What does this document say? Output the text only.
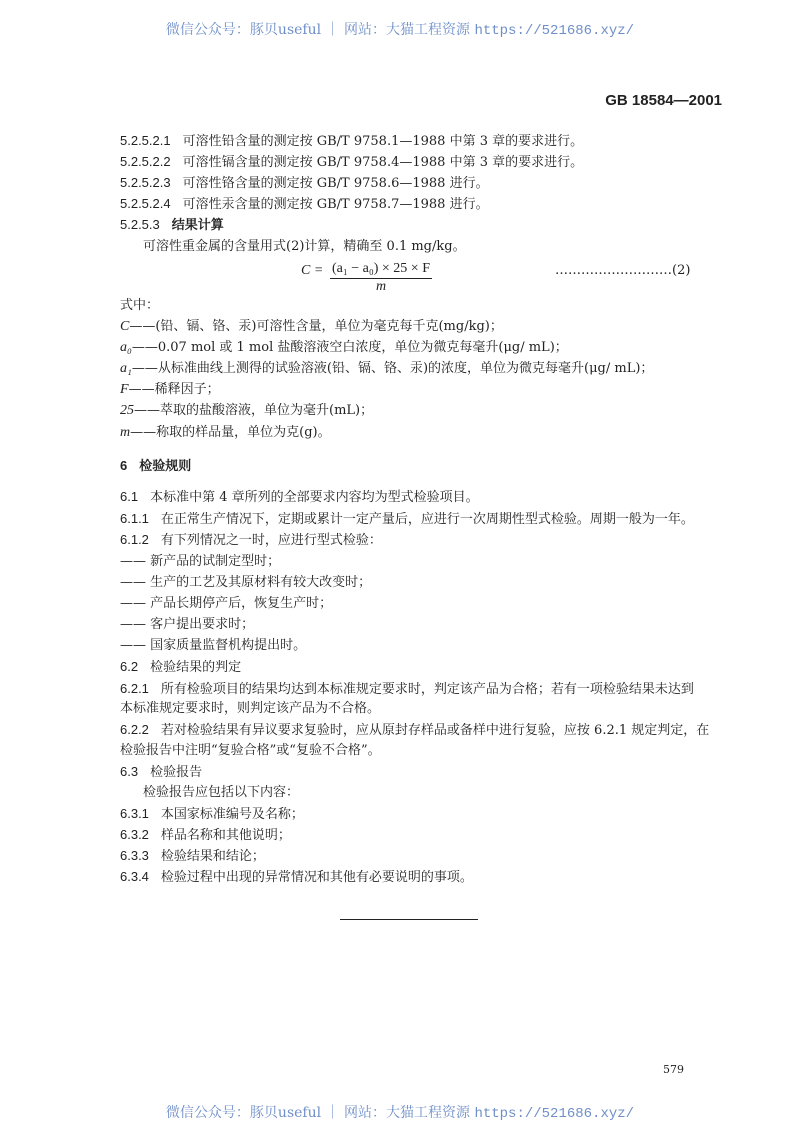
微信公众号：豚贝useful ｜ 网站：大猫工程资源 https://521686.xyz/
GB 18584—2001
5.2.5.2.1 可溶性铅含量的测定按 GB/T 9758.1—1988 中第 3 章的要求进行。
5.2.5.2.2 可溶性镉含量的测定按 GB/T 9758.4—1988 中第 3 章的要求进行。
5.2.5.2.3 可溶性铬含量的测定按 GB/T 9758.6—1988 进行。
5.2.5.2.4 可溶性汞含量的测定按 GB/T 9758.7—1988 进行。
5.2.5.3 结果计算
可溶性重金属的含量用式(2)计算，精确至 0.1 mg/kg。
式中：
C——(铅、镉、铬、汞)可溶性含量，单位为毫克每千克(mg/kg)；
a₀——0.07 mol 或 1 mol 盐酸溶液空白浓度，单位为微克每毫升(μg/ mL)；
a₁——从标准曲线上测得的试验溶液(铅、镉、铬、汞)的浓度，单位为微克每毫升(μg/ mL)；
F——稀释因子；
25——萃取的盐酸溶液，单位为毫升(mL)；
m——称取的样品量，单位为克(g)。
6 检验规则
6.1 本标准中第 4 章所列的全部要求内容均为型式检验项目。
6.1.1 在正常生产情况下，定期或累计一定产量后，应进行一次周期性型式检验。周期一般为一年。
6.1.2 有下列情况之一时，应进行型式检验：
—— 新产品的试制定型时；
—— 生产的工艺及其原材料有较大改变时；
—— 产品长期停产后，恢复生产时；
—— 客户提出要求时；
—— 国家质量监督机构提出时。
6.2 检验结果的判定
6.2.1 所有检验项目的结果均达到本标准规定要求时，判定该产品为合格；若有一项检验结果未达到
本标准规定要求时，则判定该产品为不合格。
6.2.2 若对检验结果有异议要求复验时，应从原封存样品或备样中进行复验，应按 6.2.1 规定判定，在
检验报告中注明“复验合格”或“复验不合格”。
6.3 检验报告
检验报告应包括以下内容：
6.3.1 本国家标准编号及名称；
6.3.2 样品名称和其他说明；
6.3.3 检验结果和结论；
6.3.4 检验过程中出现的异常情况和其他有必要说明的事项。
$C = \frac{\text{(a₁ − a₀) × 25 × F}}{m}$	………………………(2)
579
微信公众号：豚贝useful ｜ 网站：大猫工程资源 https://521686.xyz/
